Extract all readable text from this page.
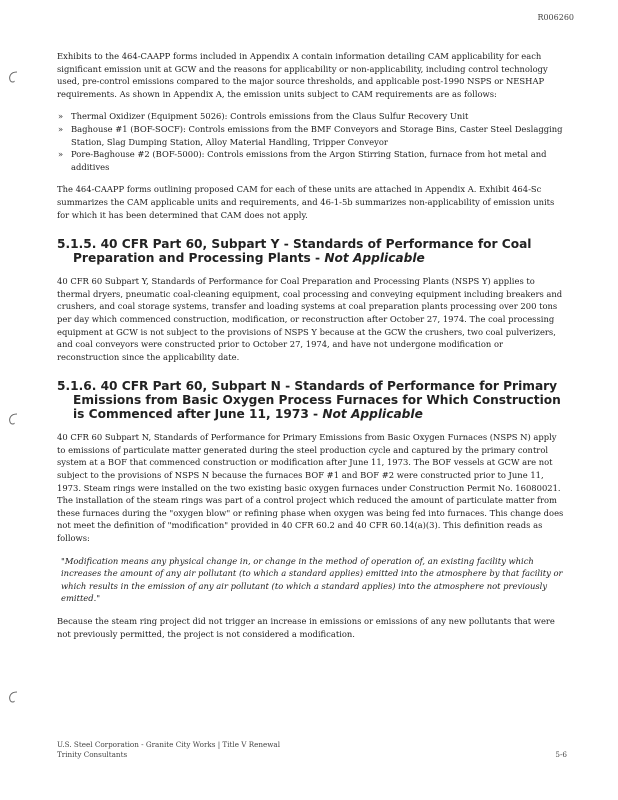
R006260

Exhibits to the 464-CAAPP forms included in Appendix A contain information detailing CAM applicability for each significant emission unit at GCW and the reasons for applicability or non-applicability, including control technology used, pre-control emissions compared to the major source thresholds, and applicable post-1990 NSPS or NESHAP requirements. As shown in Appendix A, the emission units subject to CAM requirements are as follows:

» Thermal Oxidizer (Equipment 5026): Controls emissions from the Claus Sulfur Recovery Unit
» Baghouse #1 (BOF-SOCF): Controls emissions from the BMF Conveyors and Storage Bins, Caster Steel Deslagging Station, Slag Dumping Station, Alloy Material Handling, Tripper Conveyor
» Pore-Baghouse #2 (BOF-5000): Controls emissions from the Argon Stirring Station, furnace from hot metal and additives

The 464-CAAPP forms outlining proposed CAM for each of these units are attached in Appendix A. Exhibit 464-Sc summarizes the CAM applicable units and requirements, and 46-1-5b summarizes non-applicability of emission units for which it has been determined that CAM does not apply.

5.1.5. 40 CFR Part 60, Subpart Y - Standards of Performance for Coal Preparation and Processing Plants - Not Applicable

40 CFR 60 Subpart Y, Standards of Performance for Coal Preparation and Processing Plants (NSPS Y) applies to thermal dryers, pneumatic coal-cleaning equipment, coal processing and conveying equipment including breakers and crushers, and coal storage systems, transfer and loading systems at coal preparation plants processing over 200 tons per day which commenced construction, modification, or reconstruction after October 27, 1974. The coal processing equipment at GCW is not subject to the provisions of NSPS Y because at the GCW the crushers, two coal pulverizers, and coal conveyors were constructed prior to October 27, 1974, and have not undergone modification or reconstruction since the applicability date.

5.1.6. 40 CFR Part 60, Subpart N - Standards of Performance for Primary Emissions from Basic Oxygen Process Furnaces for Which Construction is Commenced after June 11, 1973 - Not Applicable

40 CFR 60 Subpart N, Standards of Performance for Primary Emissions from Basic Oxygen Furnaces (NSPS N) apply to emissions of particulate matter generated during the steel production cycle and captured by the primary control system at a BOF that commenced construction or modification after June 11, 1973. The BOF vessels at GCW are not subject to the provisions of NSPS N because the furnaces BOF #1 and BOF #2 were constructed prior to June 11, 1973. Steam rings were installed on the two existing basic oxygen furnaces under Construction Permit No. 16080021. The installation of the steam rings was part of a control project which reduced the amount of particulate matter from these furnaces during the "oxygen blow" or refining phase when oxygen was being fed into furnaces. This change does not meet the definition of "modification" provided in 40 CFR 60.2 and 40 CFR 60.14(a)(3). This definition reads as follows:

"Modification means any physical change in, or change in the method of operation of, an existing facility which increases the amount of any air pollutant (to which a standard applies) emitted into the atmosphere by that facility or which results in the emission of any air pollutant (to which a standard applies) into the atmosphere not previously emitted."

Because the steam ring project did not trigger an increase in emissions or emissions of any new pollutants that were not previously permitted, the project is not considered a modification.

U.S. Steel Corporation - Granite City Works | Title V Renewal
Trinity Consultants	5-6
